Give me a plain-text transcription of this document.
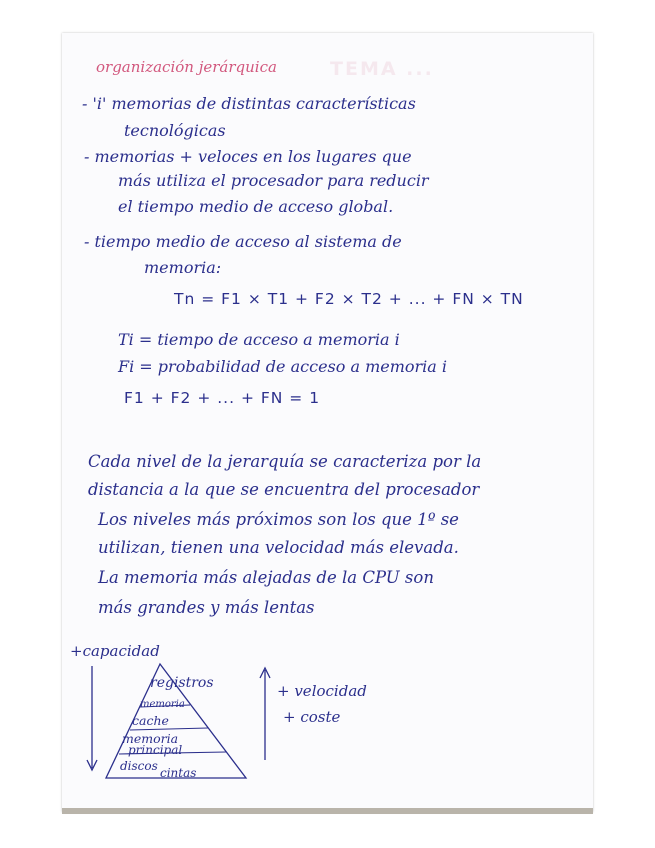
TEMA ...
organización jerárquica
- 'i' memorias de distintas características
tecnológicas
- memorias + veloces en los lugares que
más utiliza el procesador para reducir
el tiempo medio de acceso global.
- tiempo medio de acceso al sistema de
memoria:
Tn = F1 × T1 + F2 × T2 + ... + FN × TN
Ti = tiempo de acceso a memoria i
Fi = probabilidad de acceso a memoria i
F1 + F2 + ... + FN = 1
Cada nivel de la jerarquía se caracteriza por la
distancia a la que se encuentra del procesador
Los niveles más próximos son los que 1º se
utilizan, tienen una velocidad más elevada.
La memoria más alejadas de la CPU son
más grandes y más lentas
+capacidad
registros
memoria
cache
memoria
principal
discos cintas
+ velocidad
+ coste
